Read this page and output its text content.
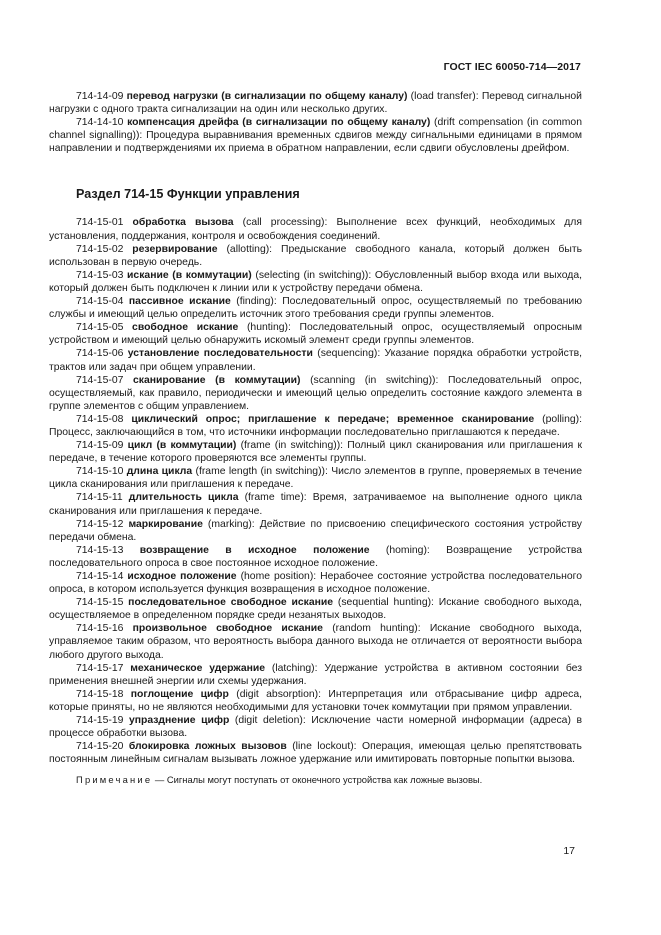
ГОСТ IEC 60050-714—2017

714-14-09 перевод нагрузки (в сигнализации по общему каналу) (load transfer): Перевод сигнальной нагрузки с одного тракта сигнализации на один или несколько других.

714-14-10 компенсация дрейфа (в сигнализации по общему каналу) (drift compensation (in common channel signalling)): Процедура выравнивания временных сдвигов между сигнальными единицами в прямом направлении и подтверждениями их приема в обратном направлении, если сдвиги обусловлены дрейфом.

Раздел 714-15 Функции управления

714-15-01 обработка вызова (call processing): Выполнение всех функций, необходимых для установления, поддержания, контроля и освобождения соединений.

714-15-02 резервирование (allotting): Предыскание свободного канала, который должен быть использован в первую очередь.

714-15-03 искание (в коммутации) (selecting (in switching)): Обусловленный выбор входа или выхода, который должен быть подключен к линии или к устройству передачи обмена.

714-15-04 пассивное искание (finding): Последовательный опрос, осуществляемый по требованию службы и имеющий целью определить источник этого требования среди группы элементов.

714-15-05 свободное искание (hunting): Последовательный опрос, осуществляемый опросным устройством и имеющий целью обнаружить искомый элемент среди группы элементов.

714-15-06 установление последовательности (sequencing): Указание порядка обработки устройств, трактов или задач при общем управлении.

714-15-07 сканирование (в коммутации) (scanning (in switching)): Последовательный опрос, осуществляемый, как правило, периодически и имеющий целью определить состояние каждого элемента в группе элементов с общим управлением.

714-15-08 циклический опрос; приглашение к передаче; временное сканирование (polling): Процесс, заключающийся в том, что источники информации последовательно приглашаются к передаче.

714-15-09 цикл (в коммутации) (frame (in switching)): Полный цикл сканирования или приглашения к передаче, в течение которого проверяются все элементы группы.

714-15-10 длина цикла (frame length (in switching)): Число элементов в группе, проверяемых в течение цикла сканирования или приглашения к передаче.

714-15-11 длительность цикла (frame time): Время, затрачиваемое на выполнение одного цикла сканирования или приглашения к передаче.

714-15-12 маркирование (marking): Действие по присвоению специфического состояния устройству передачи обмена.

714-15-13 возвращение в исходное положение (homing): Возвращение устройства последовательного опроса в свое постоянное исходное положение.

714-15-14 исходное положение (home position): Нерабочее состояние устройства последовательного опроса, в котором используется функция возвращения в исходное положение.

714-15-15 последовательное свободное искание (sequential hunting): Искание свободного выхода, осуществляемое в определенном порядке среди незанятых выходов.

714-15-16 произвольное свободное искание (random hunting): Искание свободного выхода, управляемое таким образом, что вероятность выбора данного выхода не отличается от вероятности выбора любого другого выхода.

714-15-17 механическое удержание (latching): Удержание устройства в активном состоянии без применения внешней энергии или схемы удержания.

714-15-18 поглощение цифр (digit absorption): Интерпретация или отбрасывание цифр адреса, которые приняты, но не являются необходимыми для установки точек коммутации при прямом управлении.

714-15-19 упразднение цифр (digit deletion): Исключение части номерной информации (адреса) в процессе обработки вызова.

714-15-20 блокировка ложных вызовов (line lockout): Операция, имеющая целью препятствовать постоянным линейным сигналам вызывать ложное удержание или имитировать повторные попытки вызова.

Примечание — Сигналы могут поступать от оконечного устройства как ложные вызовы.
17
